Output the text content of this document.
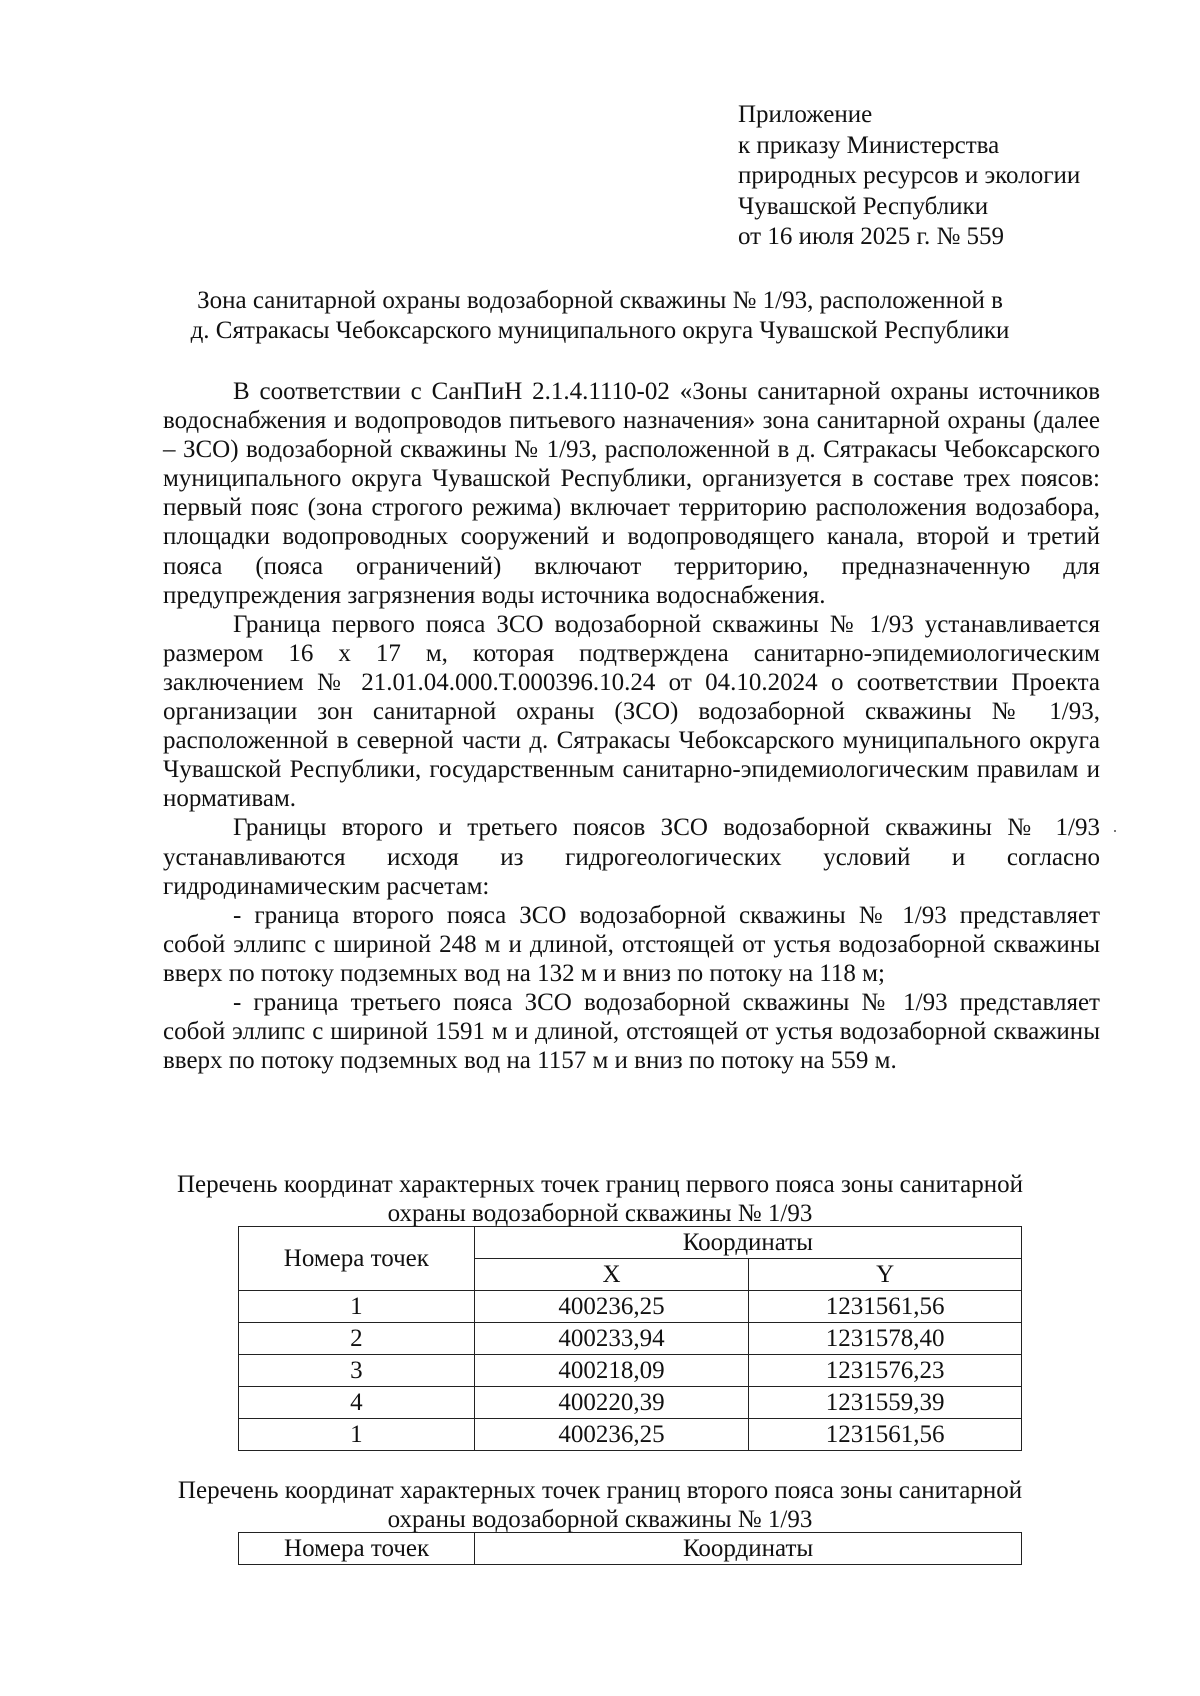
Приложение
к приказу Министерства
природных ресурсов и экологии
Чувашской Республики
от 16 июля 2025 г. № 559
Зона санитарной охраны водозаборной скважины № 1/93, расположенной в
д. Сятракасы Чебоксарского муниципального округа Чувашской Республики

В соответствии с СанПиН 2.1.4.1110-02 «Зоны санитарной охраны источников водоснабжения и водопроводов питьевого назначения» зона санитарной охраны (далее – ЗСО) водозаборной скважины № 1/93, расположенной в д. Сятракасы Чебоксарского муниципального округа Чувашской Республики, организуется в составе трех поясов: первый пояс (зона строгого режима) включает территорию расположения водозабора, площадки водопроводных сооружений и водопроводящего канала, второй и третий пояса (пояса ограничений) включают территорию, предназначенную для предупреждения загрязнения воды источника водоснабжения.

Граница первого пояса ЗСО водозаборной скважины № 1/93 устанавливается размером 16 х 17 м, которая подтверждена санитарно-эпидемиологическим заключением № 21.01.04.000.Т.000396.10.24 от 04.10.2024 о соответствии Проекта организации зон санитарной охраны (ЗСО) водозаборной скважины № 1/93, расположенной в северной части д. Сятракасы Чебоксарского муниципального округа Чувашской Республики, государственным санитарно-эпидемиологическим правилам и нормативам.

Границы второго и третьего поясов ЗСО водозаборной скважины № 1/93 устанавливаются исходя из гидрогеологических условий и согласно гидродинамическим расчетам:

- граница второго пояса ЗСО водозаборной скважины № 1/93 представляет собой эллипс с шириной 248 м и длиной, отстоящей от устья водозаборной скважины вверх по потоку подземных вод на 132 м и вниз по потоку на 118 м;

- граница третьего пояса ЗСО водозаборной скважины № 1/93 представляет собой эллипс с шириной 1591 м и длиной, отстоящей от устья водозаборной скважины вверх по потоку подземных вод на 1157 м и вниз по потоку на 559 м.

Перечень координат характерных точек границ первого пояса зоны санитарной
охраны водозаборной скважины № 1/93
Номера точек	Координаты	
	X	Y
1	400236,25	1231561,56
2	400233,94	1231578,40
3	400218,09	1231576,23
4	400220,39	1231559,39
1	400236,25	1231561,56
Перечень координат характерных точек границ второго пояса зоны санитарной
охраны водозаборной скважины № 1/93
Номера точек	Координаты
